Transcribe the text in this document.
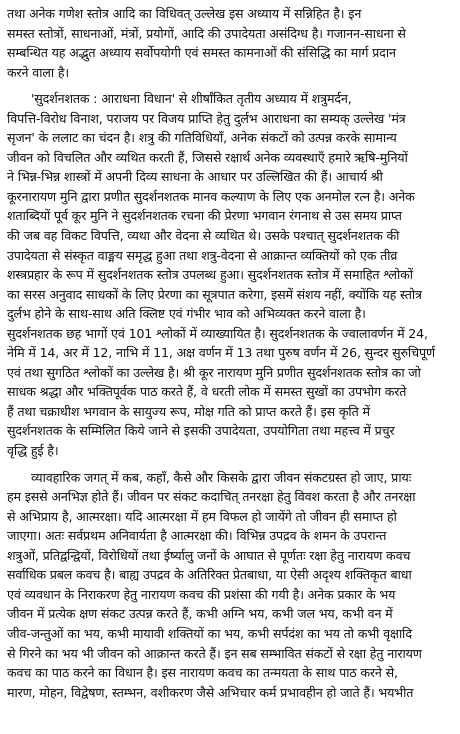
तथा अनेक गणेश स्तोत्र आदि का विधिवत् उल्लेख इस अध्याय में सन्निहित है। इन
समस्त स्तोत्रों, साधनाओं, मंत्रों, प्रयोगों, आदि की उपादेयता असंदिग्ध है। गजानन-साधना से
सम्बन्धित यह अद्भुत अध्याय सर्वोपयोगी एवं समस्त कामनाओं की संसिद्धि का मार्ग प्रदान
करने वाला है।
'सुदर्शनशतक : आराधना विधान' से शीर्षांकित तृतीय अध्याय में शत्रुमर्दन,
विपत्ति-विरोध विनाश, पराजय पर विजय प्राप्ति हेतु दुर्लभ आराधना का सम्यक् उल्लेख 'मंत्र
सृजन' के ललाट का चंदन है। शत्रु की गतिविधियाँ, अनेक संकटों को उत्पन्न करके सामान्य
जीवन को विचलित और व्यथित करती हैं, जिससे रक्षार्थ अनेक व्यवस्थाएँ हमारे ऋषि-मुनियों
ने भिन्न-भिन्न शास्त्रों में अपनी दिव्य साधना के आधार पर उल्लिखित की हैं। आचार्य श्री
कूरनारायण मुनि द्वारा प्रणीत सुदर्शनशतक मानव कल्याण के लिए एक अनमोल रत्न है। अनेक
शताब्दियों पूर्व कूर मुनि ने सुदर्शनशतक रचना की प्रेरणा भगवान रंगनाथ से उस समय प्राप्त
की जब वह विकट विपत्ति, व्यथा और वेदना से व्यथित थे। उसके पश्चात् सुदर्शनशतक की
उपादेयता से संस्कृत वाङ्मय समृद्ध हुआ तथा शत्रु-वेदना से आक्रान्त व्यक्तियों को एक तीव्र
शस्त्रप्रहार के रूप में सुदर्शनशतक स्तोत्र उपलब्ध हुआ। सुदर्शनशतक स्तोत्र में समाहित श्लोकों
का सरस अनुवाद साधकों के लिए प्रेरणा का सूत्रपात करेगा, इसमें संशय नहीं, क्योंकि यह स्तोत्र
दुर्लभ होने के साथ-साथ अति क्लिष्ट एवं गंभीर भाव को अभिव्यक्त करने वाला है।
सुदर्शनशतक छह भागों एवं 101 श्लोकों में व्याख्यायित है। सुदर्शनशतक के ज्वालावर्णन में 24,
नेमि में 14, अर में 12, नाभि में 11, अक्ष वर्णन में 13 तथा पुरुष वर्णन में 26, सुन्दर सुरुचिपूर्ण
एवं तथा सुगठित श्लोकों का उल्लेख है। श्री कूर नारायण मुनि प्रणीत सुदर्शनशतक स्तोत्र का जो
साधक श्रद्धा और भक्तिपूर्वक पाठ करते हैं, वे धरती लोक में समस्त सुखों का उपभोग करते
हैं तथा चक्राधीश भगवान के सायुज्य रूप, मोक्ष गति को प्राप्त करते हैं। इस कृति में
सुदर्शनशतक के सम्मिलित किये जाने से इसकी उपादेयता, उपयोगिता तथा महत्त्व में प्रचुर
वृद्धि हुई है।
व्यावहारिक जगत् में कब, कहाँ, कैसे और किसके द्वारा जीवन संकटग्रस्त हो जाए, प्रायः
हम इससे अनभिज्ञ होते हैं। जीवन पर संकट कदाचित् तनरक्षा हेतु विवश करता है और तनरक्षा
से अभिप्राय है, आत्मरक्षा। यदि आत्मरक्षा में हम विफल हो जायेंगे तो जीवन ही समाप्त हो
जाएगा। अतः सर्वप्रथम अनिवार्यता है आत्मरक्षा की। विभिन्न उपद्रव के शमन के उपरान्त
शत्रुओं, प्रतिद्वन्द्वियों, विरोधियों तथा ईर्ष्यालु जनों के आघात से पूर्णतः रक्षा हेतु नारायण कवच
सर्वाधिक प्रबल कवच है। बाह्य उपद्रव के अतिरिक्त प्रेतबाधा, या ऐसी अदृश्य शक्तिकृत बाधा
एवं व्यवधान के निराकरण हेतु नारायण कवच की प्रशंसा की गयी है। अनेक प्रकार के भय
जीवन में प्रत्येक क्षण संकट उत्पन्न करते हैं, कभी अग्नि भय, कभी जल भय, कभी वन में
जीव-जन्तुओं का भय, कभी मायावी शक्तियों का भय, कभी सर्पदंश का भय तो कभी वृक्षादि
से गिरने का भय भी जीवन को आक्रान्त करते हैं। इन सब सम्भावित संकटों से रक्षा हेतु नारायण
कवच का पाठ करने का विधान है। इस नारायण कवच का तन्मयता के साथ पाठ करने से,
मारण, मोहन, विद्वेषण, स्तम्भन, वशीकरण जैसे अभिचार कर्म प्रभावहीन हो जाते हैं। भयभीत
